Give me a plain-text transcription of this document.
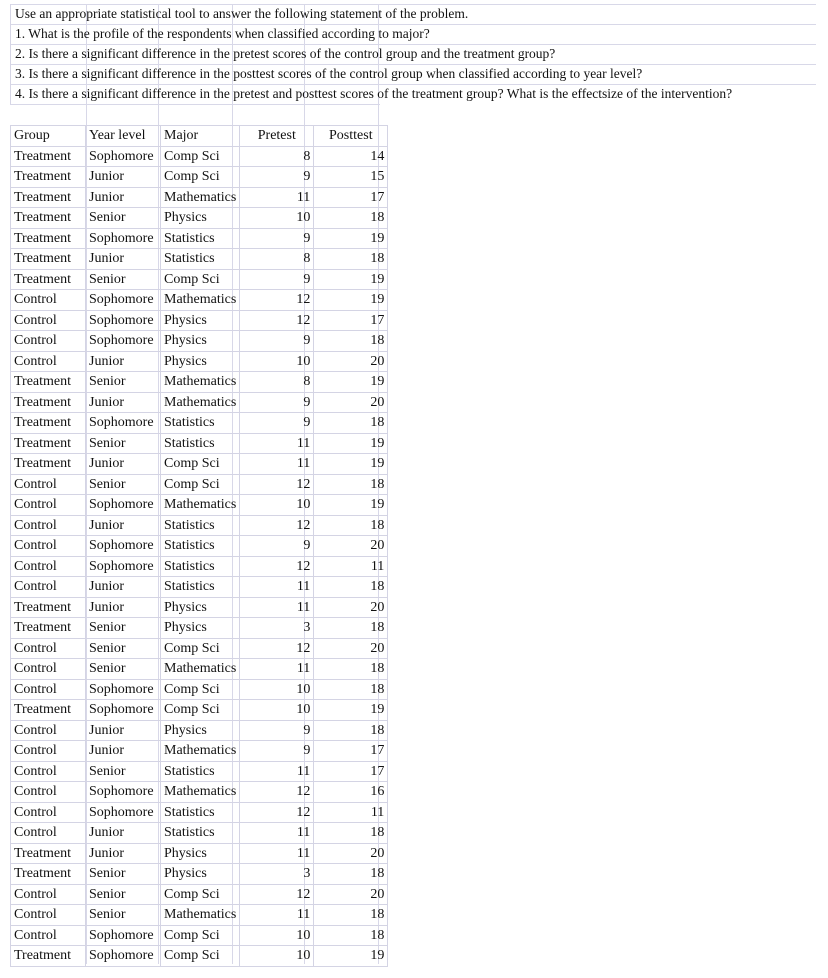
Use an appropriate statistical tool to answer the following statement of the problem.
1. What is the profile of the respondents when classified according to major?
2. Is there a significant difference in the pretest scores of the control group and the treatment group?
3. Is there a significant difference in the posttest scores of the control group when classified according to year level?
4. Is there a significant difference in the pretest and posttest scores of the treatment group? What is the effectsize of the intervention?
Group	Year level	Major	Pretest	Posttest
Treatment	Sophomore	Comp Sci	8	14
Treatment	Junior	Comp Sci	9	15
Treatment	Junior	Mathematics	11	17
Treatment	Senior	Physics	10	18
Treatment	Sophomore	Statistics	9	19
Treatment	Junior	Statistics	8	18
Treatment	Senior	Comp Sci	9	19
Control	Sophomore	Mathematics	12	19
Control	Sophomore	Physics	12	17
Control	Sophomore	Physics	9	18
Control	Junior	Physics	10	20
Treatment	Senior	Mathematics	8	19
Treatment	Junior	Mathematics	9	20
Treatment	Sophomore	Statistics	9	18
Treatment	Senior	Statistics	11	19
Treatment	Junior	Comp Sci	11	19
Control	Senior	Comp Sci	12	18
Control	Sophomore	Mathematics	10	19
Control	Junior	Statistics	12	18
Control	Sophomore	Statistics	9	20
Control	Sophomore	Statistics	12	11
Control	Junior	Statistics	11	18
Treatment	Junior	Physics	11	20
Treatment	Senior	Physics	3	18
Control	Senior	Comp Sci	12	20
Control	Senior	Mathematics	11	18
Control	Sophomore	Comp Sci	10	18
Treatment	Sophomore	Comp Sci	10	19
Control	Junior	Physics	9	18
Control	Junior	Mathematics	9	17
Control	Senior	Statistics	11	17
Control	Sophomore	Mathematics	12	16
Control	Sophomore	Statistics	12	11
Control	Junior	Statistics	11	18
Treatment	Junior	Physics	11	20
Treatment	Senior	Physics	3	18
Control	Senior	Comp Sci	12	20
Control	Senior	Mathematics	11	18
Control	Sophomore	Comp Sci	10	18
Treatment	Sophomore	Comp Sci	10	19
